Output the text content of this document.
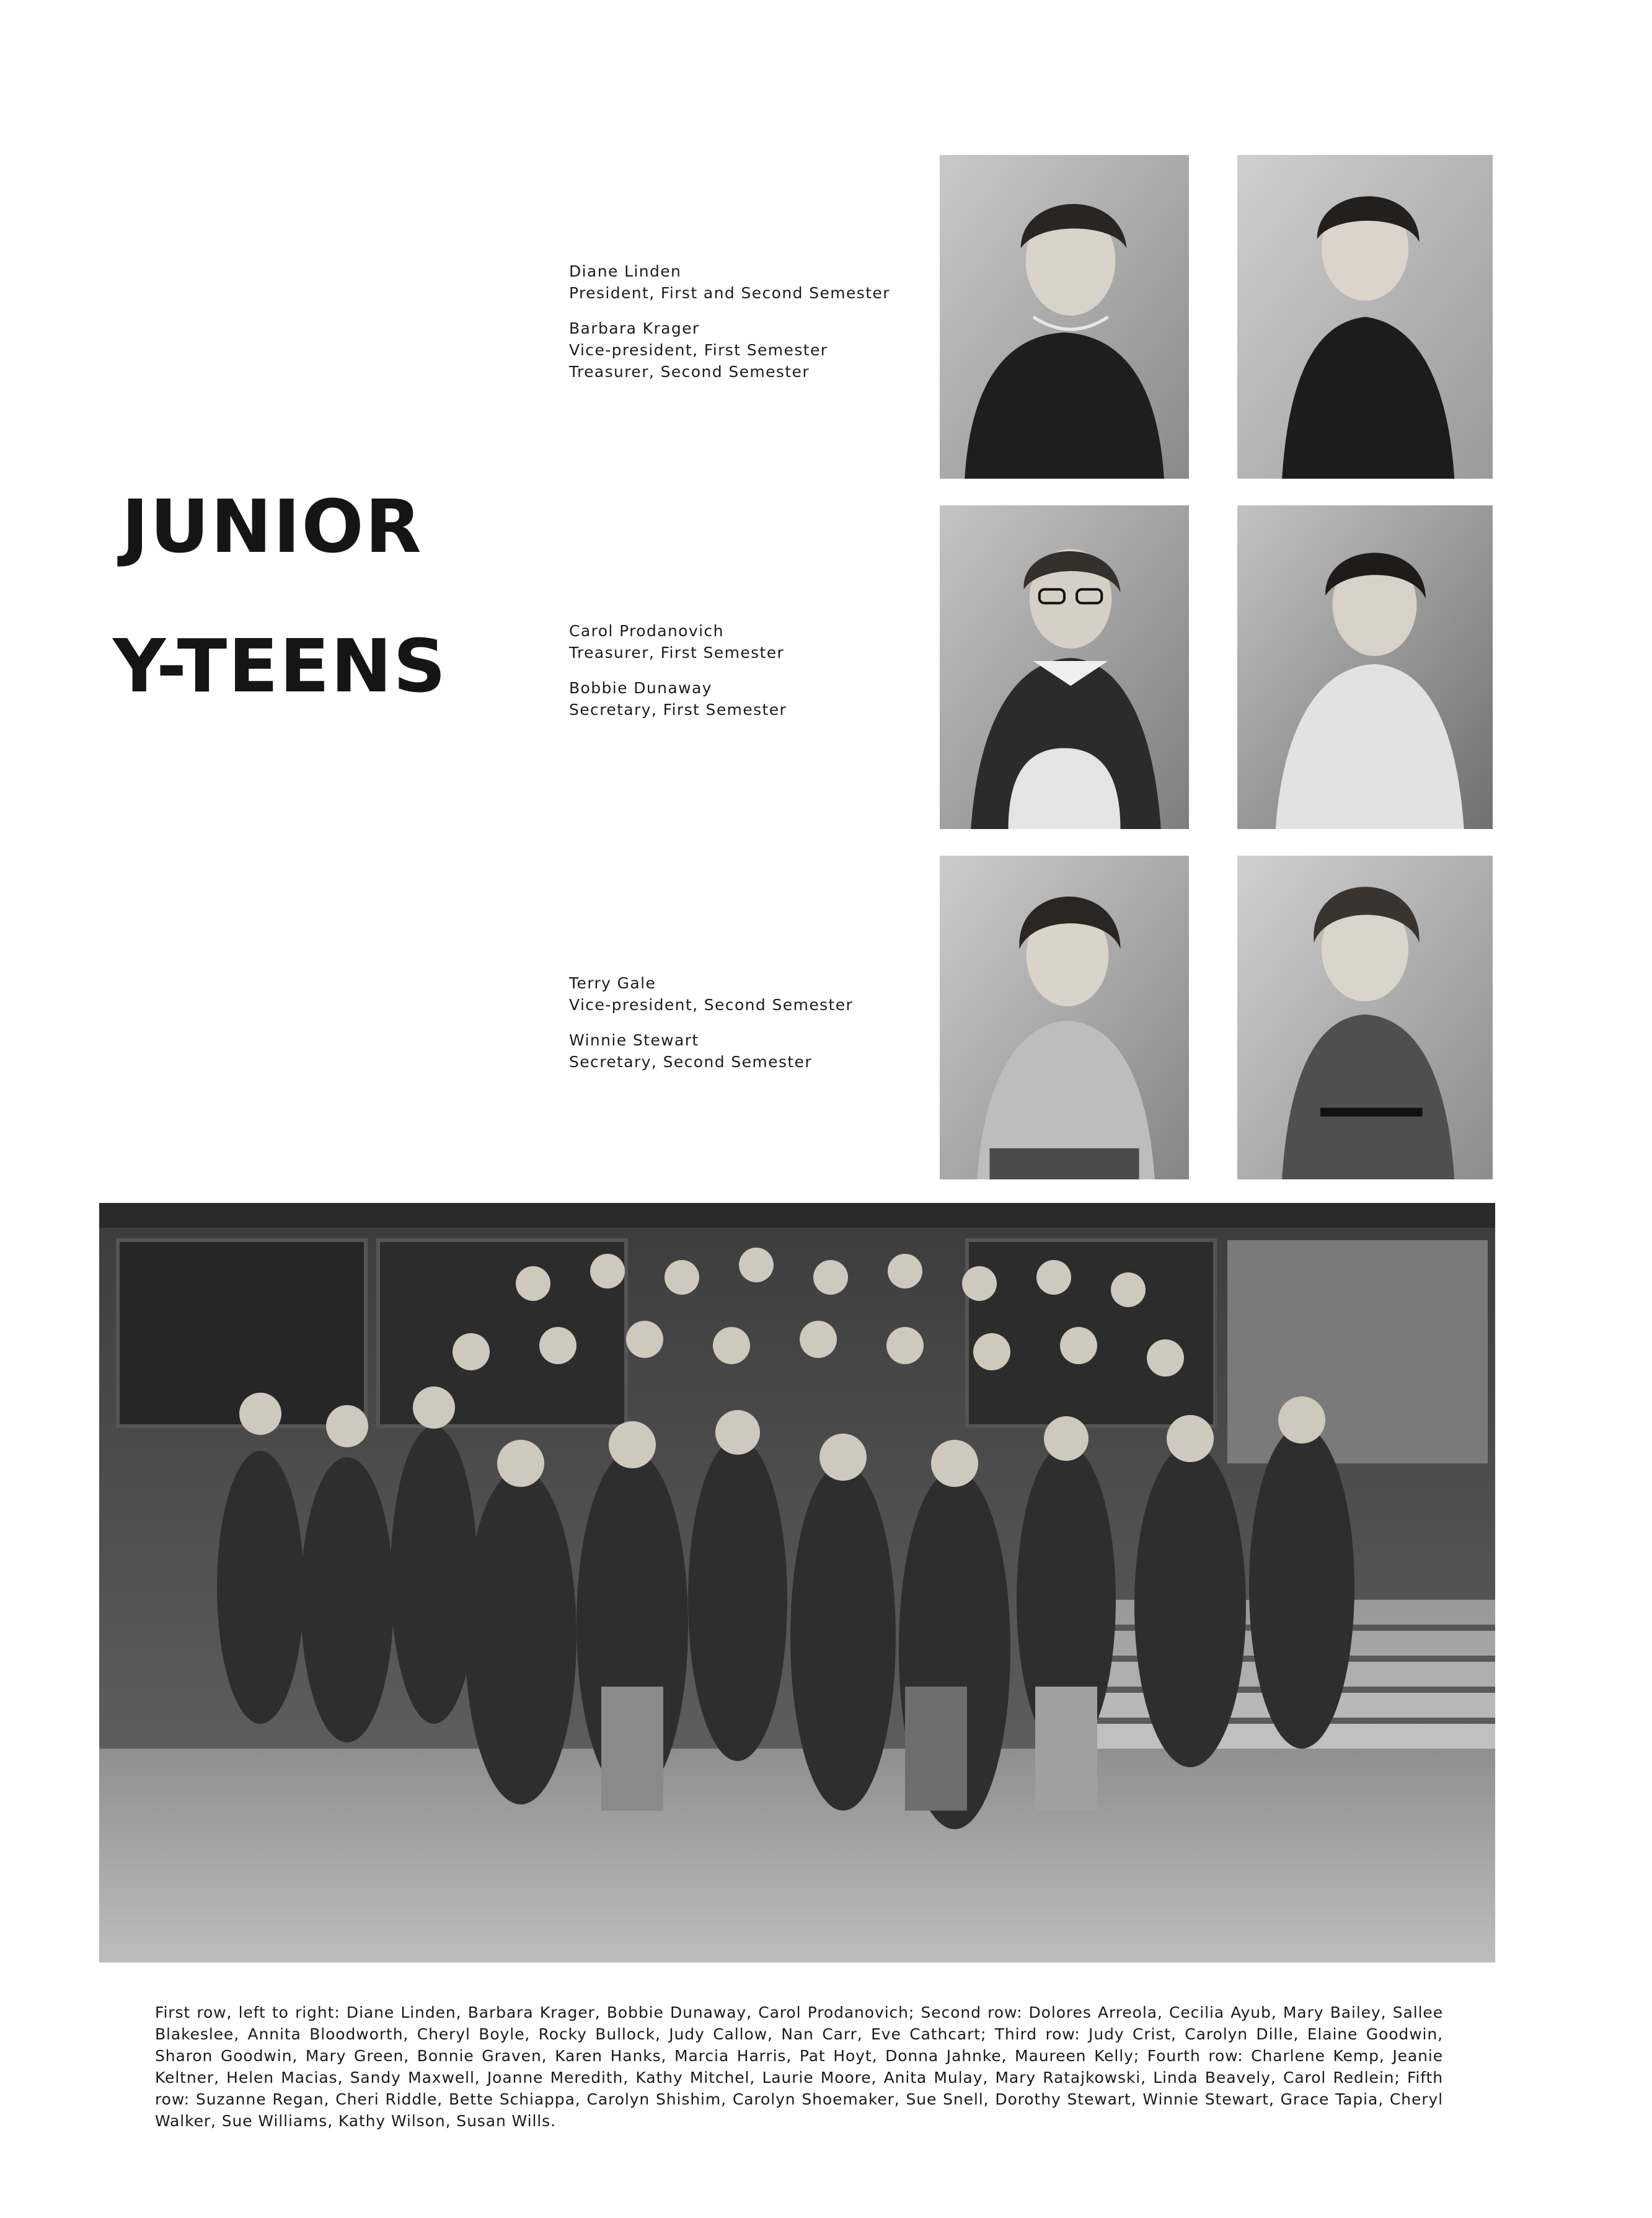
JUNIOR
Y-TEENS
Diane Linden
President, First and Second Semester
Barbara Krager
Vice-president, First Semester
Treasurer, Second Semester
Carol Prodanovich
Treasurer, First Semester
Bobbie Dunaway
Secretary, First Semester
Terry Gale
Vice-president, Second Semester
Winnie Stewart
Secretary, Second Semester
First row, left to right: Diane Linden, Barbara Krager, Bobbie Dunaway, Carol Prodanovich; Second row: Dolores Arreola, Cecilia Ayub, Mary Bailey, Sallee Blakeslee, Annita Bloodworth, Cheryl Boyle, Rocky Bullock, Judy Callow, Nan Carr, Eve Cathcart; Third row: Judy Crist, Carolyn Dille, Elaine Goodwin, Sharon Goodwin, Mary Green, Bonnie Graven, Karen Hanks, Marcia Harris, Pat Hoyt, Donna Jahnke, Maureen Kelly; Fourth row: Charlene Kemp, Jeanie Keltner, Helen Macias, Sandy Maxwell, Joanne Meredith, Kathy Mitchel, Laurie Moore, Anita Mulay, Mary Ratajkowski, Linda Beavely, Carol Redlein; Fifth row: Suzanne Regan, Cheri Riddle, Bette Schiappa, Carolyn Shishim, Carolyn Shoemaker, Sue Snell, Dorothy Stewart, Winnie Stewart, Grace Tapia, Cheryl Walker, Sue Williams, Kathy Wilson, Susan Wills.
